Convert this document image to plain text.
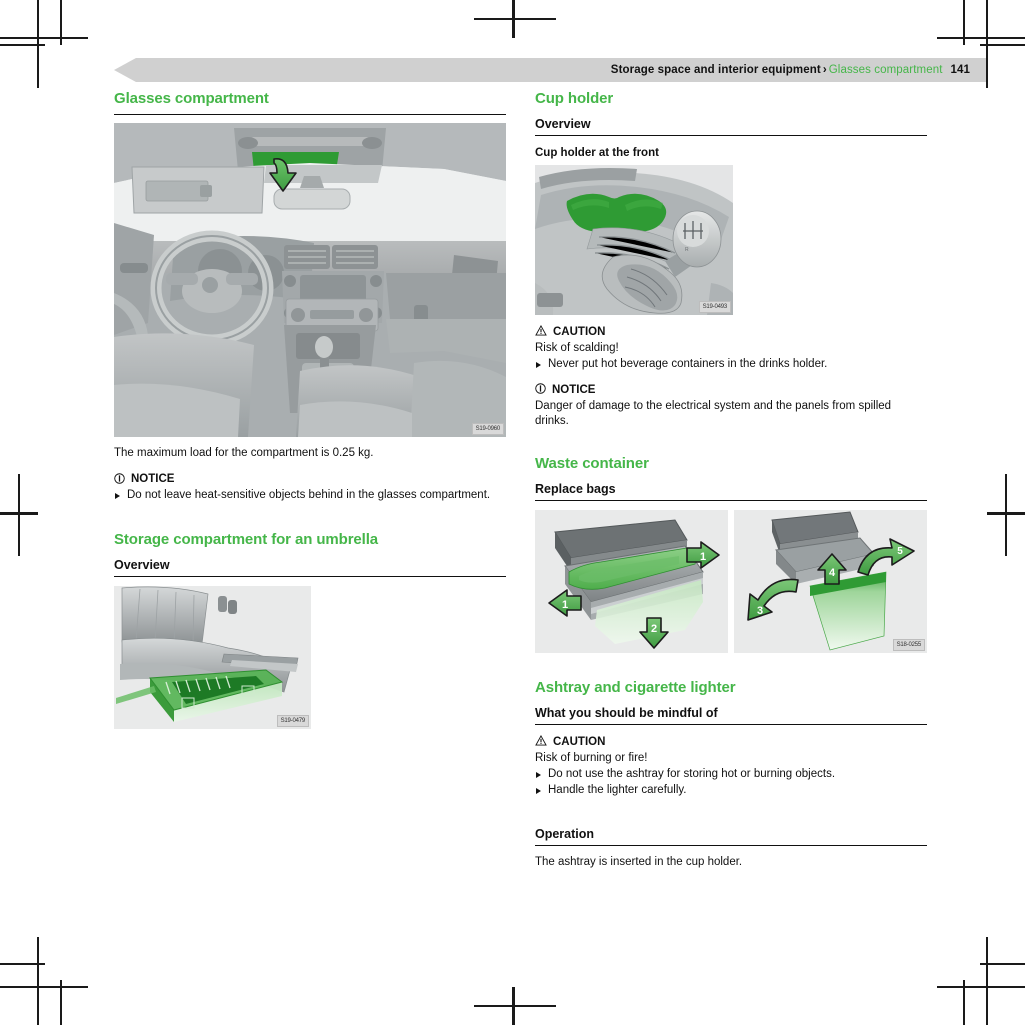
Storage space and interior equipment › Glasses compartment 141
Glasses compartment
S19-0960

The maximum load for the compartment is 0.25 kg.

NOTICE
Do not leave heat-sensitive objects behind in the glasses compartment.
Storage compartment for an umbrella
Overview
S19-0479
Cup holder
Overview
Cup holder at the front
R
S19-0493
CAUTION
Risk of scalding!
Never put hot beverage containers in the drinks holder.
NOTICE
Danger of damage to the electrical system and the panels from spilled drinks.
Waste container
Replace bags
1
1
2
3
4
5
S18-0255
Ashtray and cigarette lighter
What you should be mindful of
CAUTION
Risk of burning or fire!
Do not use the ashtray for storing hot or burning objects.
Handle the lighter carefully.
Operation

The ashtray is inserted in the cup holder.
